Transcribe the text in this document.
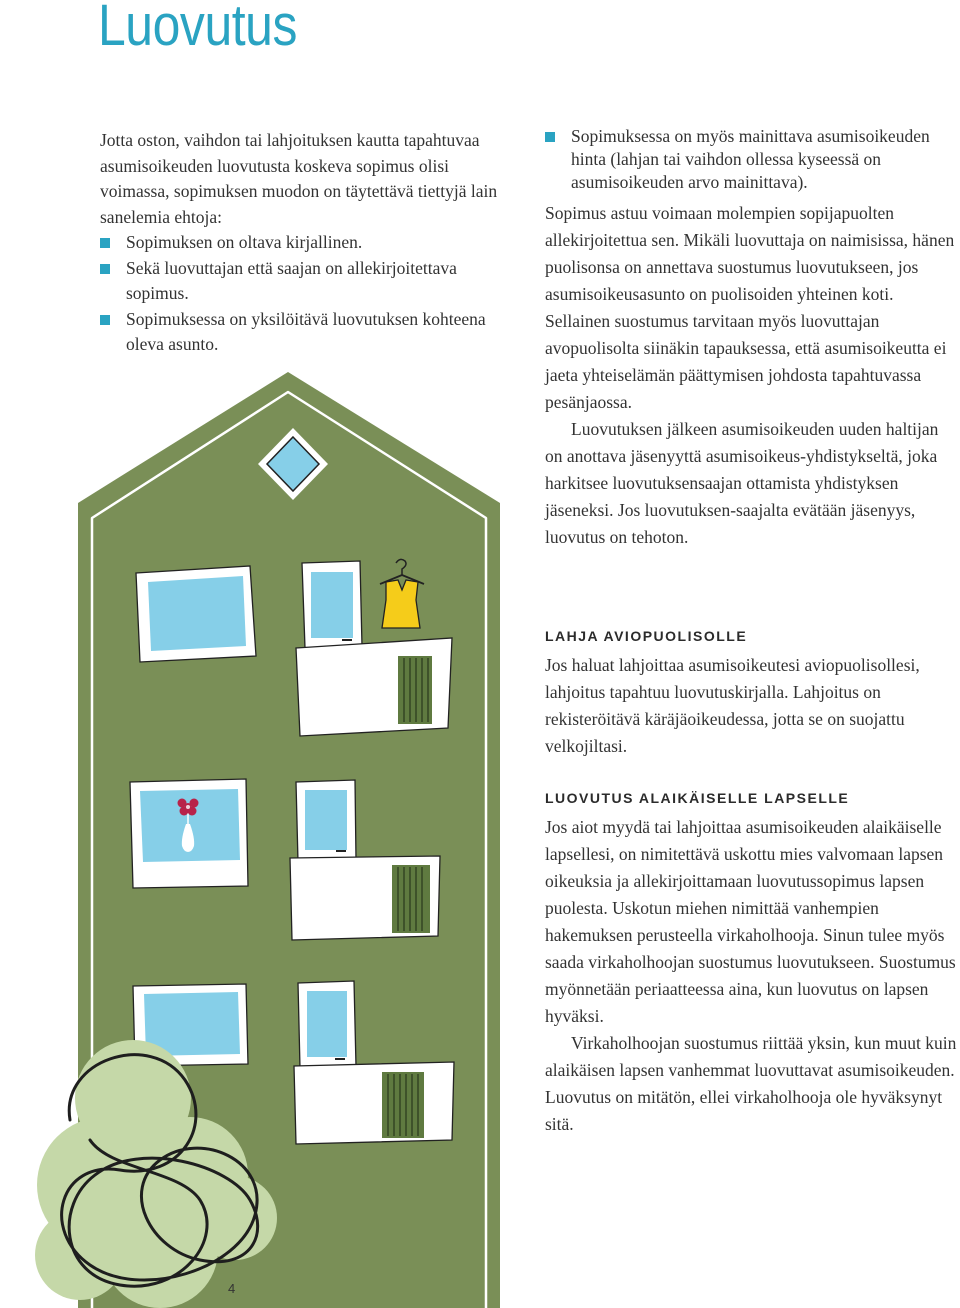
Luovutus

Jotta oston, vaihdon tai lahjoituksen kautta tapahtuvaa asumisoikeuden luovutusta koskeva sopimus olisi voimassa, sopimuksen muodon on täytettävä tiettyjä lain sanelemia ehtoja:

Sopimuksen on oltava kirjallinen.
Sekä luovuttajan että saajan on allekirjoitettava sopimus.
Sopimuksessa on yksilöitävä luovutuksen kohteena oleva asunto.
Sopimuksessa on myös mainittava asumisoikeuden hinta (lahjan tai vaihdon ollessa kyseessä on asumisoikeuden arvo mainittava).

Sopimus astuu voimaan molempien sopijapuolten allekirjoitettua sen. Mikäli luovuttaja on naimisissa, hänen puolisonsa on annettava suostumus luovutukseen, jos asumisoikeusasunto on puolisoiden yhteinen koti. Sellainen suostumus tarvitaan myös luovuttajan avopuolisolta siinäkin tapauksessa, että asumisoikeutta ei jaeta yhteiselämän päättymisen johdosta tapahtuvassa pesänjaossa.

Luovutuksen jälkeen asumisoikeuden uuden haltijan on anottava jäsenyyttä asumisoikeus-yhdistykseltä, joka harkitsee luovutuksensaajan ottamista yhdistyksen jäseneksi. Jos luovutuksen-saajalta evätään jäsenyys, luovutus on tehoton.

LAHJA AVIOPUOLISOLLE

Jos haluat lahjoittaa asumisoikeutesi aviopuolisollesi, lahjoitus tapahtuu luovutuskirjalla. Lahjoitus on rekisteröitävä käräjäoikeudessa, jotta se on suojattu velkojiltasi.

LUOVUTUS ALAIKÄISELLE LAPSELLE

Jos aiot myydä tai lahjoittaa asumisoikeuden alaikäiselle lapsellesi, on nimitettävä uskottu mies valvomaan lapsen oikeuksia ja allekirjoittamaan luovutussopimus lapsen puolesta. Uskotun miehen nimittää vanhempien hakemuksen perusteella virkaholhooja. Sinun tulee myös saada virkaholhoojan suostumus luovutukseen. Suostumus myönnetään periaatteessa aina, kun luovutus on lapsen hyväksi.

Virkaholhoojan suostumus riittää yksin, kun muut kuin alaikäisen lapsen vanhemmat luovuttavat asumisoikeuden. Luovutus on mitätön, ellei virkaholhooja ole hyväksynyt sitä.

4
